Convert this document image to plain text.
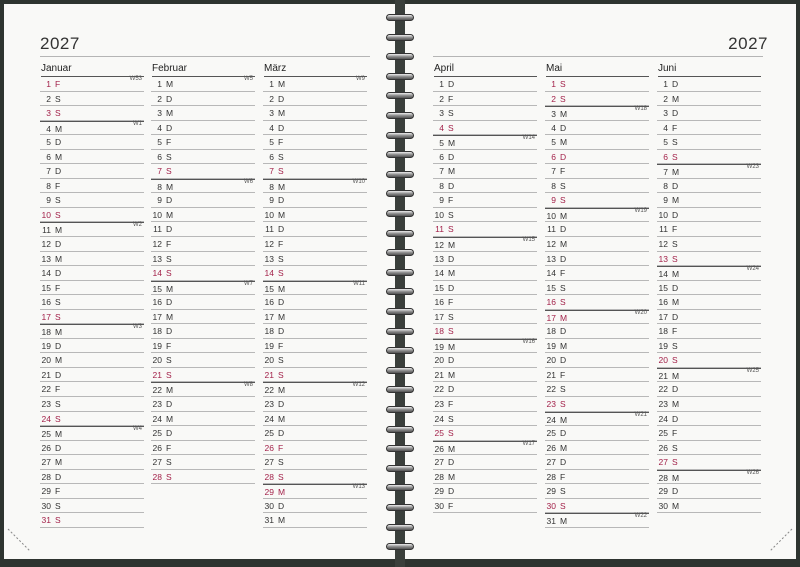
2027
Januar
1 F	W53
2 S
3 S
4 M	W1
5 D
6 M
7 D
8 F
9 S
10 S
11 M	W2
12 D
13 M
14 D
15 F
16 S
17 S
18 M	W3
19 D
20 M
21 D
22 F
23 S
24 S
25 M	W4
26 D
27 M
28 D
29 F
30 S
31 S
Februar
1 M	W5
2 D
3 M
4 D
5 F
6 S
7 S
8 M	W6
9 D
10 M
11 D
12 F
13 S
14 S
15 M	W7
16 D
17 M
18 D
19 F
20 S
21 S
22 M	W8
23 D
24 M
25 D
26 F
27 S
28 S
März
1 M	W9
2 D
3 M
4 D
5 F
6 S
7 S
8 M	W10
9 D
10 M
11 D
12 F
13 S
14 S
15 M	W11
16 D
17 M
18 D
19 F
20 S
21 S
22 M	W12
23 D
24 M
25 D
26 F
27 S
28 S
29 M	W13
30 D
31 M
2027
April
1 D
2 F
3 S
4 S
5 M	W14
6 D
7 M
8 D
9 F
10 S
11 S
12 M	W15
13 D
14 M
15 D
16 F
17 S
18 S
19 M	W16
20 D
21 M
22 D
23 F
24 S
25 S
26 M	W17
27 D
28 M
29 D
30 F
Mai
1 S
2 S
3 M	W18
4 D
5 M
6 D
7 F
8 S
9 S
10 M	W19
11 D
12 M
13 D
14 F
15 S
16 S
17 M	W20
18 D
19 M
20 D
21 F
22 S
23 S
24 M	W21
25 D
26 M
27 D
28 F
29 S
30 S
31 M	W22
Juni
1 D
2 M
3 D
4 F
5 S
6 S
7 M	W23
8 D
9 M
10 D
11 F
12 S
13 S
14 M	W24
15 D
16 M
17 D
18 F
19 S
20 S
21 M	W25
22 D
23 M
24 D
25 F
26 S
27 S
28 M	W26
29 D
30 M
